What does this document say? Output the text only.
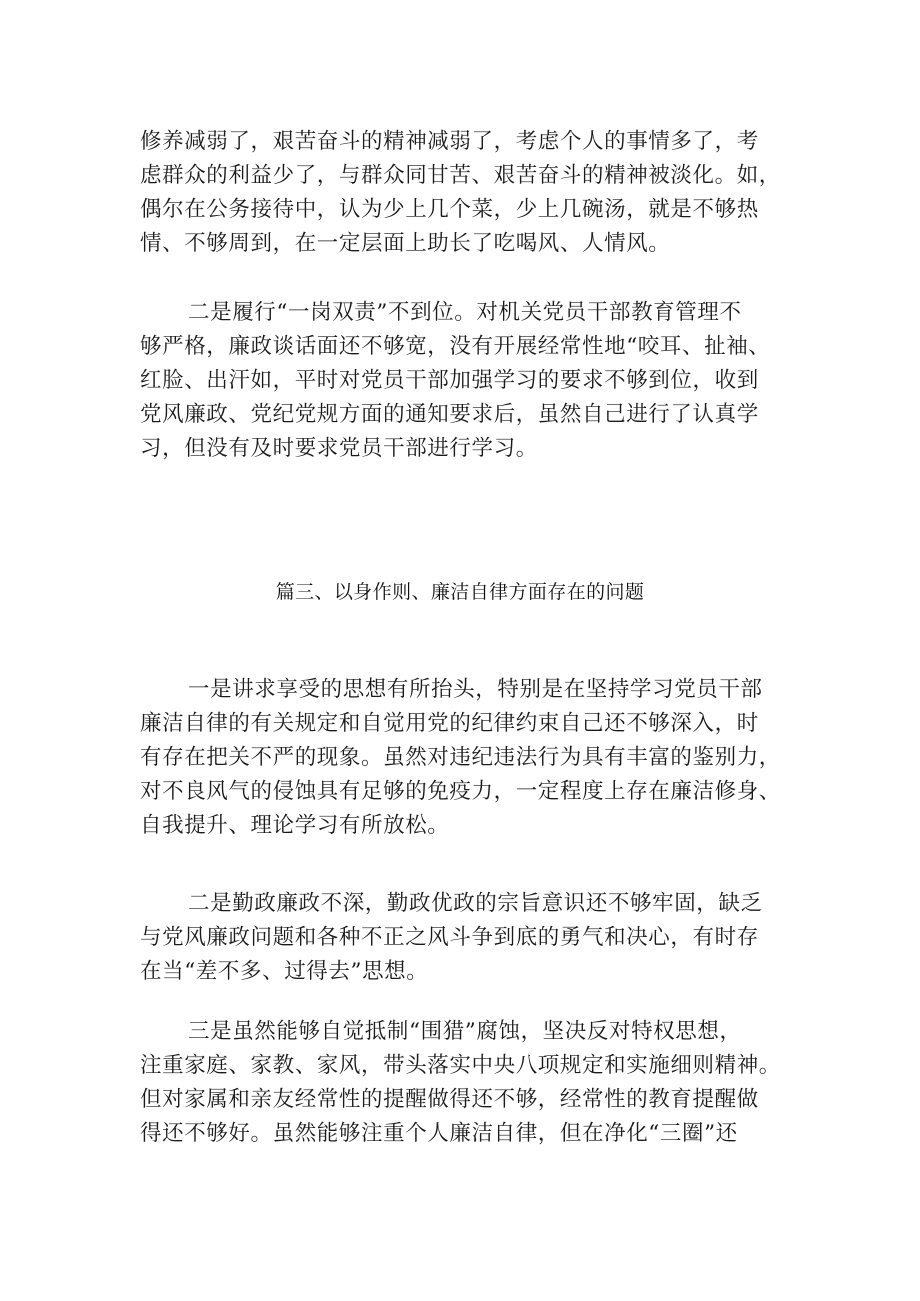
修养减弱了，艰苦奋斗的精神减弱了，考虑个人的事情多了，考
虑群众的利益少了，与群众同甘苦、艰苦奋斗的精神被淡化。如，
偶尔在公务接待中，认为少上几个菜，少上几碗汤，就是不够热
情、不够周到，在一定层面上助长了吃喝风、人情风。
二是履行“一岗双责”不到位。对机关党员干部教育管理不
够严格，廉政谈话面还不够宽，没有开展经常性地“咬耳、扯袖、
红脸、出汗如，平时对党员干部加强学习的要求不够到位，收到
党风廉政、党纪党规方面的通知要求后，虽然自己进行了认真学
习，但没有及时要求党员干部进行学习。
篇三、以身作则、廉洁自律方面存在的问题
一是讲求享受的思想有所抬头，特别是在坚持学习党员干部
廉洁自律的有关规定和自觉用党的纪律约束自己还不够深入，时
有存在把关不严的现象。虽然对违纪违法行为具有丰富的鉴别力，
对不良风气的侵蚀具有足够的免疫力，一定程度上存在廉洁修身、
自我提升、理论学习有所放松。
二是勤政廉政不深，勤政优政的宗旨意识还不够牢固，缺乏
与党风廉政问题和各种不正之风斗争到底的勇气和决心，有时存
在当“差不多、过得去”思想。
三是虽然能够自觉抵制“围猎”腐蚀，坚决反对特权思想，
注重家庭、家教、家风，带头落实中央八项规定和实施细则精神。
但对家属和亲友经常性的提醒做得还不够，经常性的教育提醒做
得还不够好。虽然能够注重个人廉洁自律，但在净化“三圈”还
